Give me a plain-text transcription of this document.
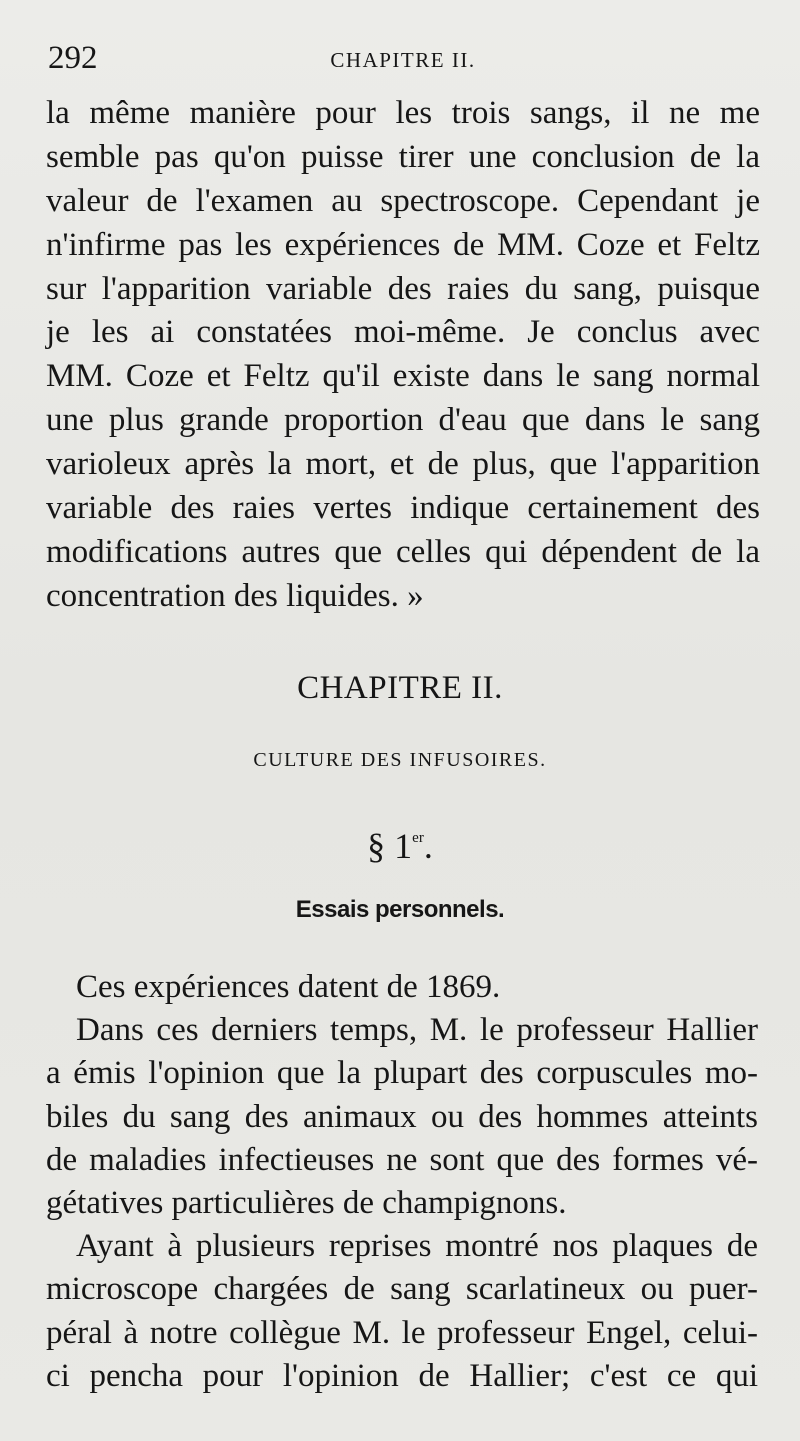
292	CHAPITRE II.
la même manière pour les trois sangs, il ne me
semble pas qu'on puisse tirer une conclusion de la
valeur de l'examen au spectroscope. Cependant je
n'infirme pas les expériences de MM. Coze et Feltz
sur l'apparition variable des raies du sang, puisque
je les ai constatées moi-même. Je conclus avec
MM. Coze et Feltz qu'il existe dans le sang normal
une plus grande proportion d'eau que dans le sang
varioleux après la mort, et de plus, que l'apparition
variable des raies vertes indique certainement des
modifications autres que celles qui dépendent de la
concentration des liquides. »
CHAPITRE II.
CULTURE DES INFUSOIRES.
§ 1er.
Essais personnels.
Ces expériences datent de 1869.
Dans ces derniers temps, M. le professeur Hallier
a émis l'opinion que la plupart des corpuscules mo-
biles du sang des animaux ou des hommes atteints
de maladies infectieuses ne sont que des formes vé-
gétatives particulières de champignons.
Ayant à plusieurs reprises montré nos plaques de
microscope chargées de sang scarlatineux ou puer-
péral à notre collègue M. le professeur Engel, celui-
ci pencha pour l'opinion de Hallier; c'est ce qui
